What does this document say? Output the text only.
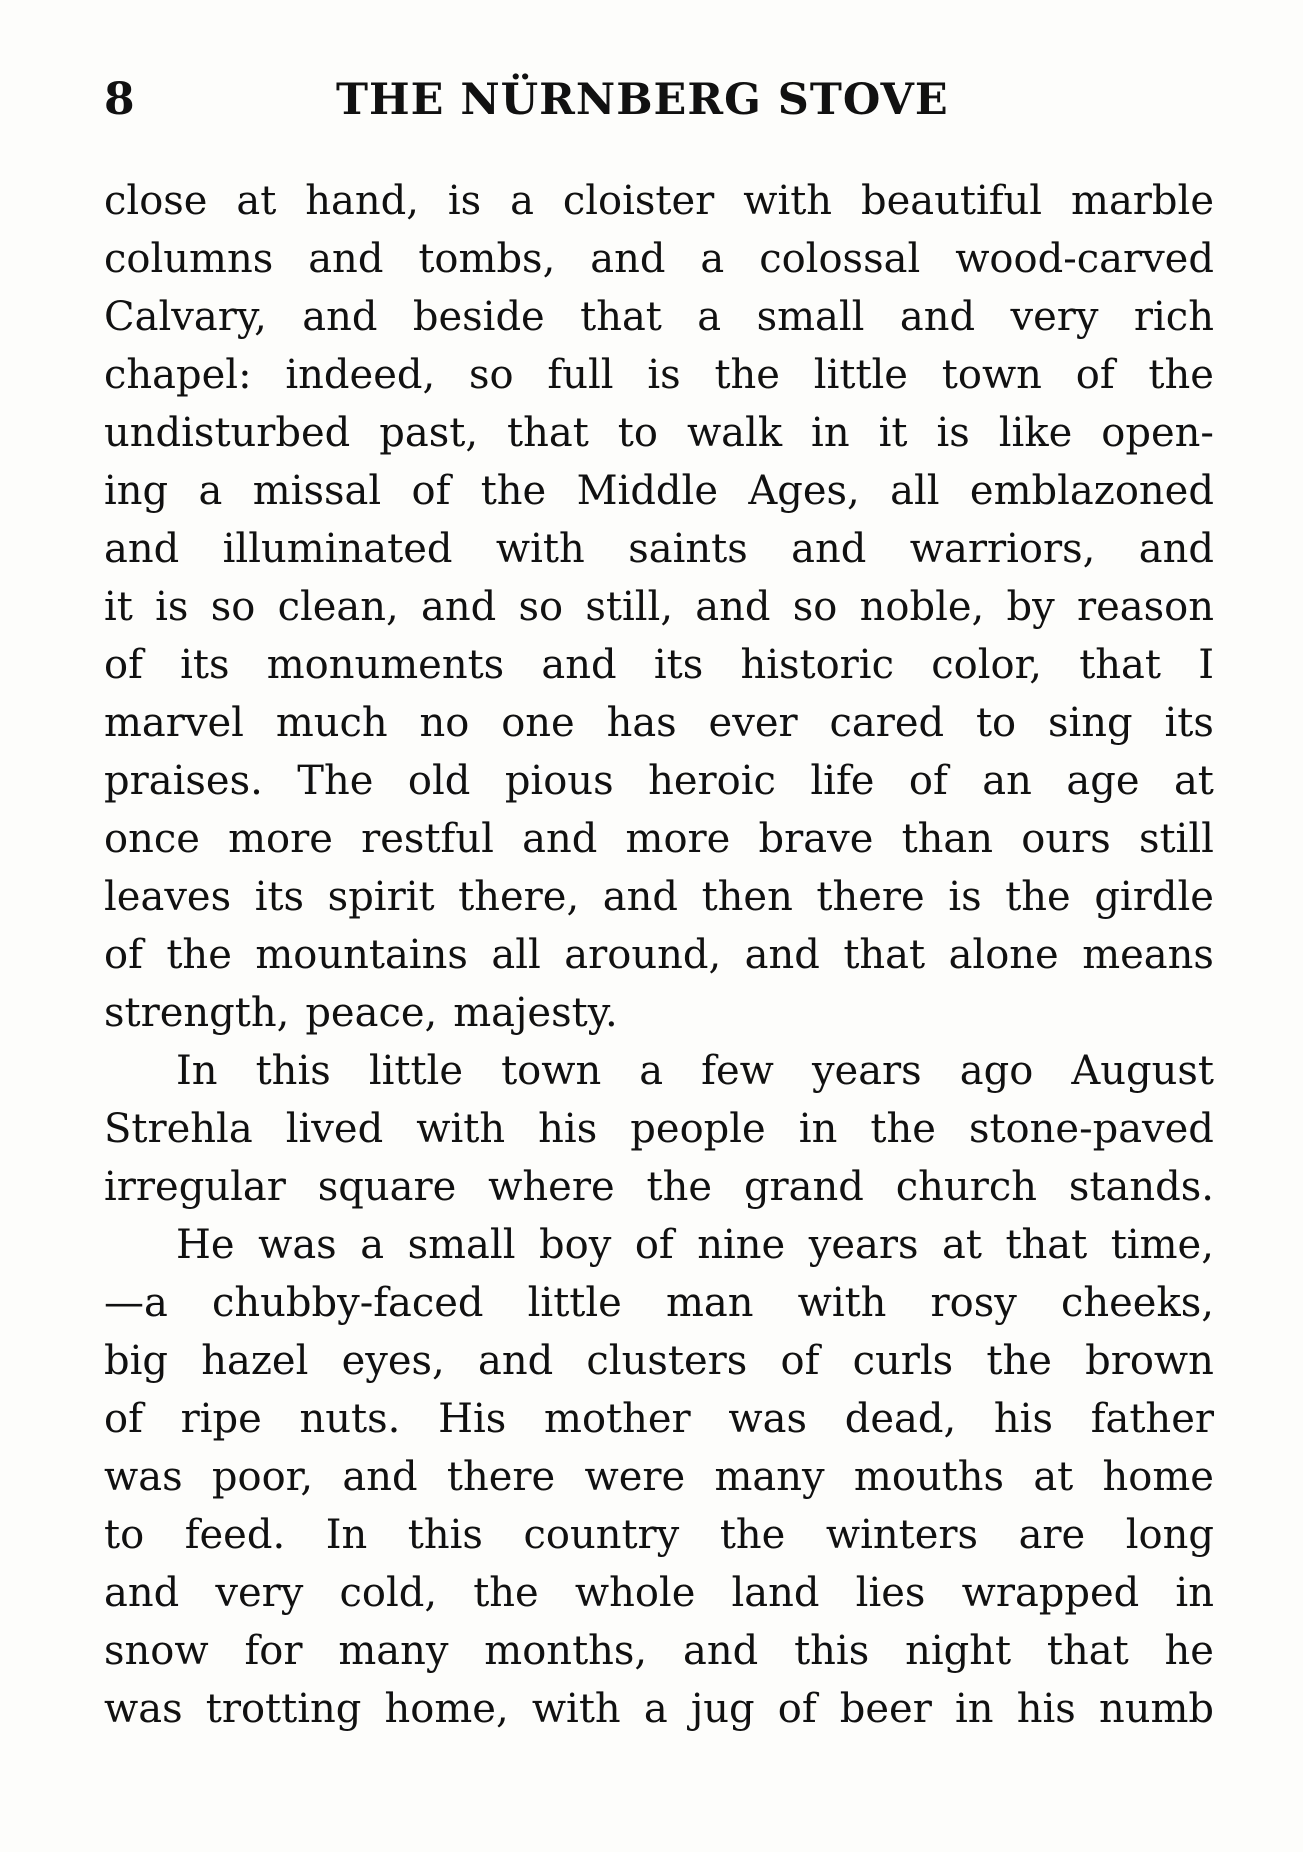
8	THE NÜRNBERG STOVE
close at hand, is a cloister with beautiful marble
columns and tombs, and a colossal wood-carved
Calvary, and beside that a small and very rich
chapel: indeed, so full is the little town of the
undisturbed past, that to walk in it is like open-
ing a missal of the Middle Ages, all emblazoned
and illuminated with saints and warriors, and
it is so clean, and so still, and so noble, by reason
of its monuments and its historic color, that I
marvel much no one has ever cared to sing its
praises. The old pious heroic life of an age at
once more restful and more brave than ours still
leaves its spirit there, and then there is the girdle
of the mountains all around, and that alone means
strength, peace, majesty.
In this little town a few years ago August
Strehla lived with his people in the stone-paved
irregular square where the grand church stands.
He was a small boy of nine years at that time,
—a chubby-faced little man with rosy cheeks,
big hazel eyes, and clusters of curls the brown
of ripe nuts. His mother was dead, his father
was poor, and there were many mouths at home
to feed. In this country the winters are long
and very cold, the whole land lies wrapped in
snow for many months, and this night that he
was trotting home, with a jug of beer in his numb
